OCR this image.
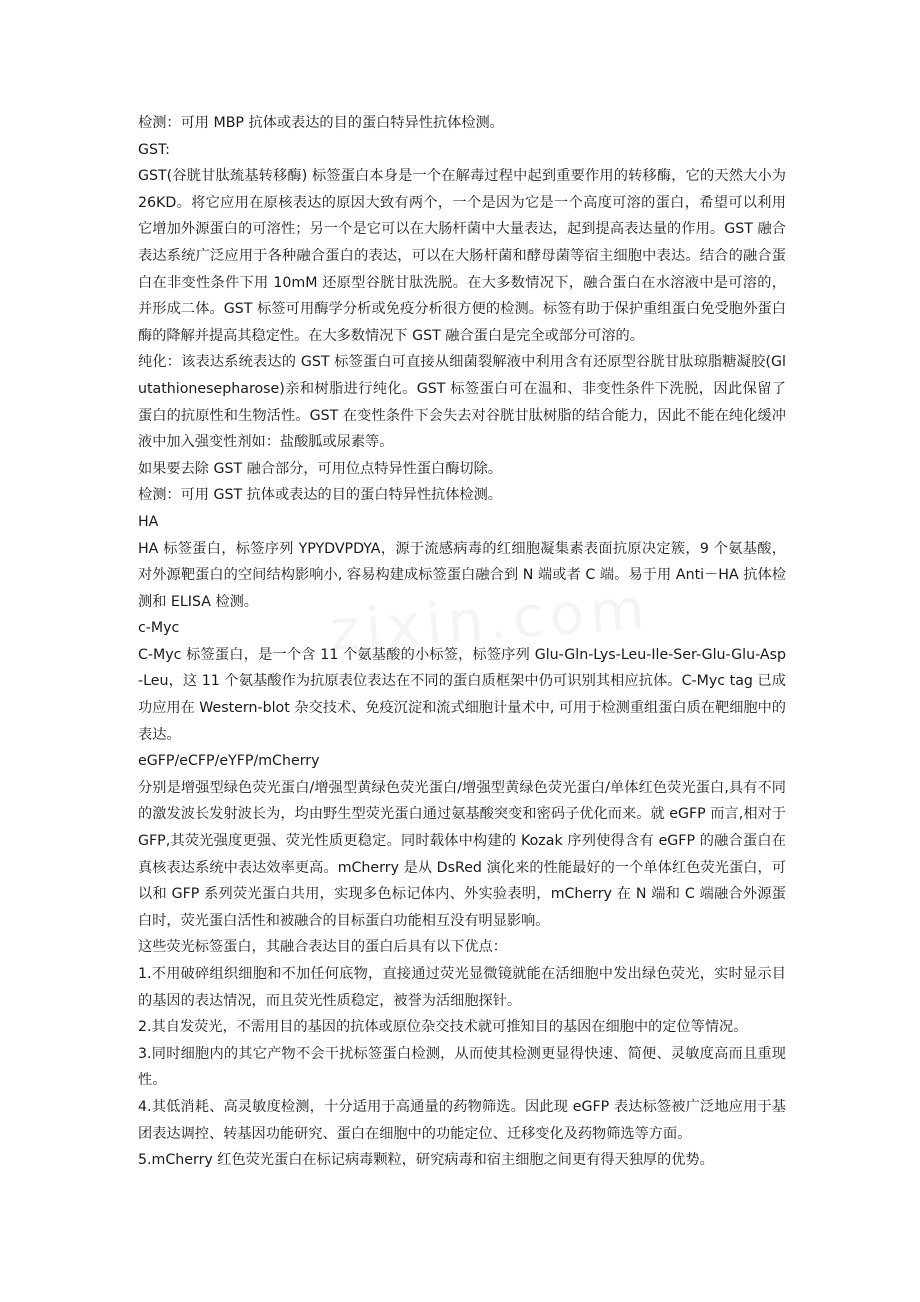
检测：可用 MBP 抗体或表达的目的蛋白特异性抗体检测。

GST:

GST(谷胱甘肽巯基转移酶) 标签蛋白本身是一个在解毒过程中起到重要作用的转移酶，它的天然大小为 26KD。将它应用在原核表达的原因大致有两个，一个是因为它是一个高度可溶的蛋白，希望可以利用它增加外源蛋白的可溶性；另一个是它可以在大肠杆菌中大量表达，起到提高表达量的作用。GST 融合表达系统广泛应用于各种融合蛋白的表达，可以在大肠杆菌和酵母菌等宿主细胞中表达。结合的融合蛋白在非变性条件下用 10mM 还原型谷胱甘肽洗脱。在大多数情况下，融合蛋白在水溶液中是可溶的，并形成二体。GST 标签可用酶学分析或免疫分析很方便的检测。标签有助于保护重组蛋白免受胞外蛋白酶的降解并提高其稳定性。在大多数情况下 GST 融合蛋白是完全或部分可溶的。

纯化：该表达系统表达的 GST 标签蛋白可直接从细菌裂解液中利用含有还原型谷胱甘肽琼脂糖凝胶(Glutathionesepharose)亲和树脂进行纯化。GST 标签蛋白可在温和、非变性条件下洗脱，因此保留了蛋白的抗原性和生物活性。GST 在变性条件下会失去对谷胱甘肽树脂的结合能力，因此不能在纯化缓冲液中加入强变性剂如：盐酸胍或尿素等。

如果要去除 GST 融合部分，可用位点特异性蛋白酶切除。

检测：可用 GST 抗体或表达的目的蛋白特异性抗体检测。

HA

HA 标签蛋白，标签序列 YPYDVPDYA，源于流感病毒的红细胞凝集素表面抗原决定簇，9 个氨基酸，对外源靶蛋白的空间结构影响小, 容易构建成标签蛋白融合到 N 端或者 C 端。易于用 Anti－HA 抗体检测和 ELISA 检测。

c-Myc

C-Myc 标签蛋白，是一个含 11 个氨基酸的小标签，标签序列 Glu-Gln-Lys-Leu-Ile-Ser-Glu-Glu-Asp-Leu，这 11 个氨基酸作为抗原表位表达在不同的蛋白质框架中仍可识别其相应抗体。C-Myc tag 已成功应用在 Western-blot 杂交技术、免疫沉淀和流式细胞计量术中, 可用于检测重组蛋白质在靶细胞中的表达。

eGFP/eCFP/eYFP/mCherry

分别是增强型绿色荧光蛋白/增强型黄绿色荧光蛋白/增强型黄绿色荧光蛋白/单体红色荧光蛋白,具有不同的激发波长发射波长为，均由野生型荧光蛋白通过氨基酸突变和密码子优化而来。就 eGFP 而言,相对于 GFP,其荧光强度更强、荧光性质更稳定。同时载体中构建的 Kozak 序列使得含有 eGFP 的融合蛋白在真核表达系统中表达效率更高。mCherry 是从 DsRed 演化来的性能最好的一个单体红色荧光蛋白，可以和 GFP 系列荧光蛋白共用，实现多色标记体内、外实验表明，mCherry 在 N 端和 C 端融合外源蛋白时，荧光蛋白活性和被融合的目标蛋白功能相互没有明显影响。

这些荧光标签蛋白，其融合表达目的蛋白后具有以下优点：

1.不用破碎组织细胞和不加任何底物，直接通过荧光显微镜就能在活细胞中发出绿色荧光，实时显示目的基因的表达情况，而且荧光性质稳定，被誉为活细胞探针。

2.其自发荧光，不需用目的基因的抗体或原位杂交技术就可推知目的基因在细胞中的定位等情况。

3.同时细胞内的其它产物不会干扰标签蛋白检测，从而使其检测更显得快速、简便、灵敏度高而且重现性。

4.其低消耗、高灵敏度检测，十分适用于高通量的药物筛选。因此现 eGFP 表达标签被广泛地应用于基团表达调控、转基因功能研究、蛋白在细胞中的功能定位、迁移变化及药物筛选等方面。

5.mCherry 红色荧光蛋白在标记病毒颗粒，研究病毒和宿主细胞之间更有得天独厚的优势。
